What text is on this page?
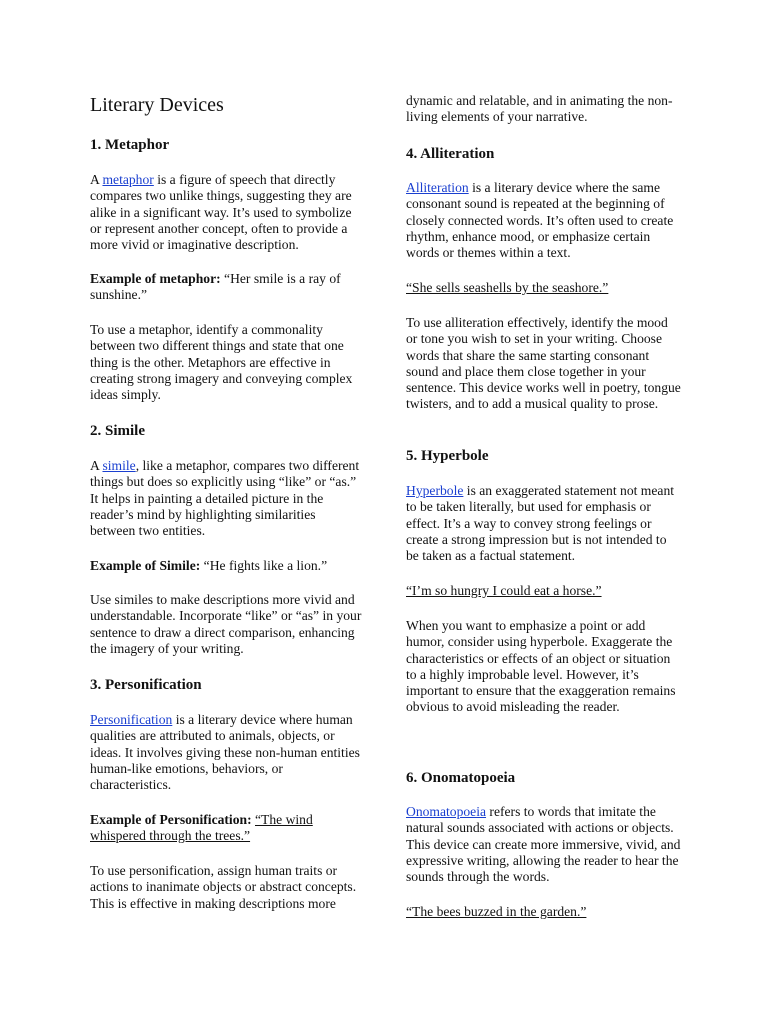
Literary Devices
1. Metaphor

A metaphor is a figure of speech that directly compares two unlike things, suggesting they are alike in a significant way. It’s used to symbolize or represent another concept, often to provide a more vivid or imaginative description.

Example of metaphor: “Her smile is a ray of sunshine.”

To use a metaphor, identify a commonality between two different things and state that one thing is the other. Metaphors are effective in creating strong imagery and conveying complex ideas simply.

2. Simile

A simile, like a metaphor, compares two different things but does so explicitly using “like” or “as.” It helps in painting a detailed picture in the reader’s mind by highlighting similarities between two entities.

Example of Simile: “He fights like a lion.”

Use similes to make descriptions more vivid and understandable. Incorporate “like” or “as” in your sentence to draw a direct comparison, enhancing the imagery of your writing.

3. Personification

Personification is a literary device where human qualities are attributed to animals, objects, or ideas. It involves giving these non-human entities human-like emotions, behaviors, or characteristics.

Example of Personification: “The wind whispered through the trees.”

To use personification, assign human traits or actions to inanimate objects or abstract concepts. This is effective in making descriptions more

dynamic and relatable, and in animating the non-living elements of your narrative.

4. Alliteration

Alliteration is a literary device where the same consonant sound is repeated at the beginning of closely connected words. It’s often used to create rhythm, enhance mood, or emphasize certain words or themes within a text.

“She sells seashells by the seashore.”

To use alliteration effectively, identify the mood or tone you wish to set in your writing. Choose words that share the same starting consonant sound and place them close together in your sentence. This device works well in poetry, tongue twisters, and to add a musical quality to prose.

5. Hyperbole

Hyperbole is an exaggerated statement not meant to be taken literally, but used for emphasis or effect. It’s a way to convey strong feelings or create a strong impression but is not intended to be taken as a factual statement.

“I’m so hungry I could eat a horse.”

When you want to emphasize a point or add humor, consider using hyperbole. Exaggerate the characteristics or effects of an object or situation to a highly improbable level. However, it’s important to ensure that the exaggeration remains obvious to avoid misleading the reader.

6. Onomatopoeia

Onomatopoeia refers to words that imitate the natural sounds associated with actions or objects. This device can create more immersive, vivid, and expressive writing, allowing the reader to hear the sounds through the words.

“The bees buzzed in the garden.”
